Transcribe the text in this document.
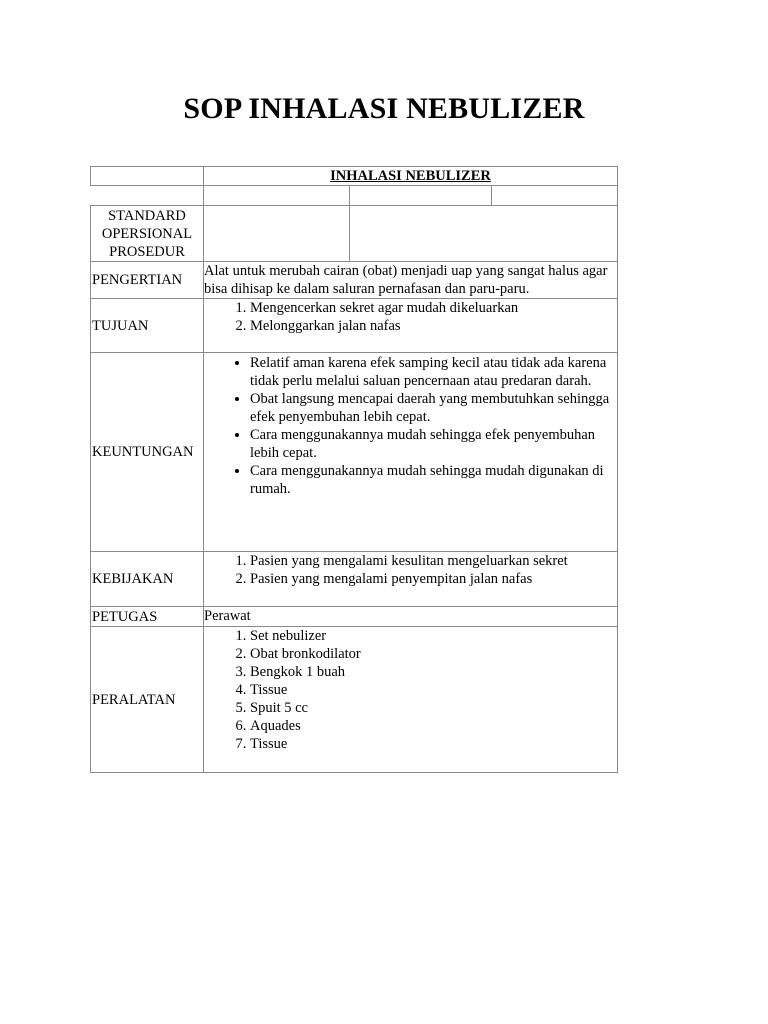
SOP INHALASI NEBULIZER
	INHALASI NEBULIZER

STANDARD OPERSIONAL PROSEDUR	

PENGERTIAN	Alat untuk merubah cairan (obat) menjadi uap yang sangat halus agar bisa dihisap ke dalam saluran pernafasan dan paru-paru.
TUJUAN	
1. Mengencerkan sekret agar mudah dikeluarkan
2. Melonggarkan jalan nafas

KEUNTUNGAN	
• Relatif aman karena efek samping kecil atau tidak ada karena tidak perlu melalui saluan pencernaan atau predaran darah.
• Obat langsung mencapai daerah yang membutuhkan sehingga efek penyembuhan lebih cepat.
• Cara menggunakannya mudah sehingga efek penyembuhan lebih cepat.
• Cara menggunakannya mudah sehingga mudah digunakan di rumah.

KEBIJAKAN	
1. Pasien yang mengalami kesulitan mengeluarkan sekret
2. Pasien yang mengalami penyempitan jalan nafas

PETUGAS	Perawat
PERALATAN	
1. Set nebulizer
2. Obat bronkodilator
3. Bengkok 1 buah
4. Tissue
5. Spuit 5 cc
6. Aquades
7. Tissue
